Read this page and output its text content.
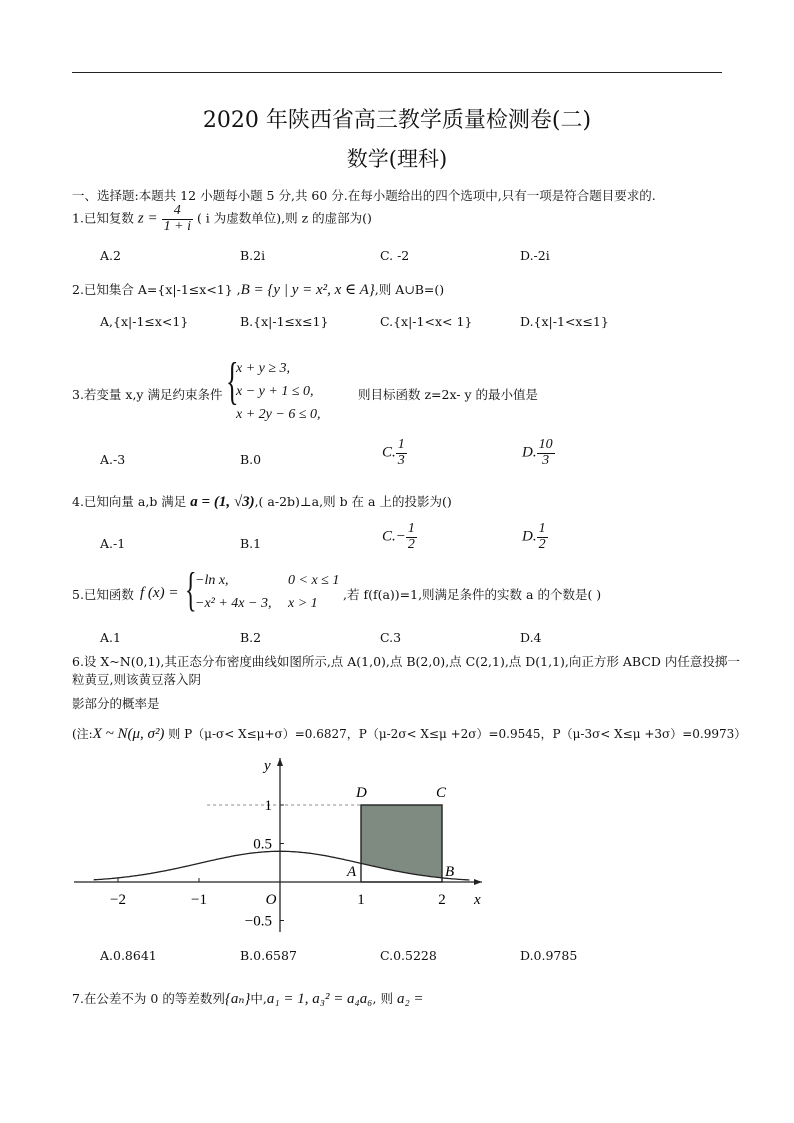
2020 年陕西省高三教学质量检测卷(二)
数学(理科)
一、选择题:本题共 12 小题每小题 5 分,共 60 分.在每小题给出的四个选项中,只有一项是符合题目要求的.
1.已知复数 $z = \frac{4}{1 + i}$ ( i 为虚数单位),则 z 的虚部为()
A.2	B.2i	C. -2	D.-2i
2.已知集合 A={x|-1≤x<1} ,B = {y | y = x², x ∈ A},则 A∪B=()
A,{x|-1≤x<1}	B.{x|-1≤x≤1}	C.{x|-1<x< 1}	D.{x|-1<x≤1}
3.若变量 x,y 满足约束条件 {
x + y ≥ 3,
x − y + 1 ≤ 0,
x + 2y − 6 ≤ 0,
则目标函数 z=2x- y 的最小值是
A.-3	B.0	C. $\frac{1}{3}$	D. $\frac{10}{3}$
4.已知向量 a,b 满足 a = (1, √3),( a-2b)⊥a,则 b 在 a 上的投影为()
A.-1	B.1	$C.- \frac{1}{2}$	D. $\frac{1}{2}$
5.已知函数 f (x) = {
−ln x,	0 < x ≤ 1
−x² + 4x − 3, x > 1
,若 f(f(a))=1,则满足条件的实数 a 的个数是( )
A.1	B.2	C.3	D.4
6.设 X~N(0,1),其正态分布密度曲线如图所示,点 A(1,0),点 B(2,0),点 C(2,1),点 D(1,1),向正方形 ABCD 内任意投掷一
粒黄豆,则该黄豆落入阴
影部分的概率是
(注:X ~ N(μ, σ²) 则 P（μ-σ< X≤μ+σ）=0.6827，P（μ-2σ< X≤μ +2σ）=0.9545，P（μ-3σ< X≤μ +3σ）=0.9973）
−2	−1	O	1	2
1
0.5
−0.5
x
y
A	B
C
D
A.0.8641	B.0.6587	C.0.5228	D.0.9785
7.在公差不为 0 的等差数列{aₙ}中,a₁ = 1, a₃² = a₄a₆, 则 a₂ =
